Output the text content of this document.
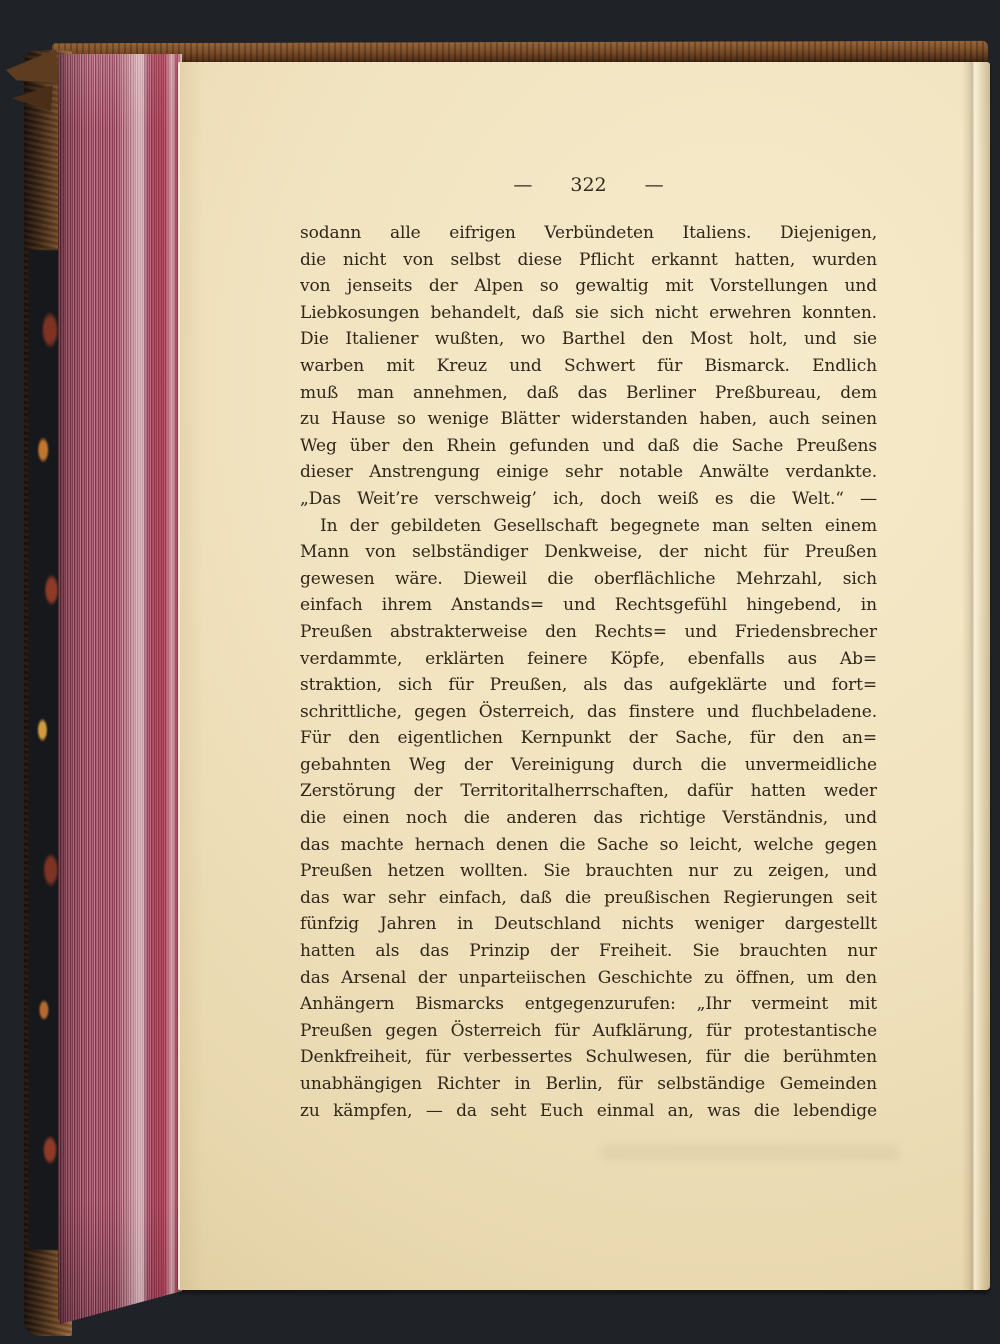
— 322 —
sodann alle eifrigen Verbündeten Italiens. Diejenigen,
die nicht von selbst diese Pflicht erkannt hatten, wurden
von jenseits der Alpen so gewaltig mit Vorstellungen und
Liebkosungen behandelt, daß sie sich nicht erwehren konnten.
Die Italiener wußten, wo Barthel den Most holt, und sie
warben mit Kreuz und Schwert für Bismarck. Endlich
muß man annehmen, daß das Berliner Preßbureau, dem
zu Hause so wenige Blätter widerstanden haben, auch seinen
Weg über den Rhein gefunden und daß die Sache Preußens
dieser Anstrengung einige sehr notable Anwälte verdankte.
„Das Weit’re verschweig’ ich, doch weiß es die Welt.“ —
In der gebildeten Gesellschaft begegnete man selten einem
Mann von selbständiger Denkweise, der nicht für Preußen
gewesen wäre. Dieweil die oberflächliche Mehrzahl, sich
einfach ihrem Anstands= und Rechtsgefühl hingebend, in
Preußen abstrakterweise den Rechts= und Friedensbrecher
verdammte, erklärten feinere Köpfe, ebenfalls aus Ab=
straktion, sich für Preußen, als das aufgeklärte und fort=
schrittliche, gegen Österreich, das finstere und fluchbeladene.
Für den eigentlichen Kernpunkt der Sache, für den an=
gebahnten Weg der Vereinigung durch die unvermeidliche
Zerstörung der Territoritalherrschaften, dafür hatten weder
die einen noch die anderen das richtige Verständnis, und
das machte hernach denen die Sache so leicht, welche gegen
Preußen hetzen wollten. Sie brauchten nur zu zeigen, und
das war sehr einfach, daß die preußischen Regierungen seit
fünfzig Jahren in Deutschland nichts weniger dargestellt
hatten als das Prinzip der Freiheit. Sie brauchten nur
das Arsenal der unparteiischen Geschichte zu öffnen, um den
Anhängern Bismarcks entgegenzurufen: „Ihr vermeint mit
Preußen gegen Österreich für Aufklärung, für protestantische
Denkfreiheit, für verbessertes Schulwesen, für die berühmten
unabhängigen Richter in Berlin, für selbständige Gemeinden
zu kämpfen, — da seht Euch einmal an, was die lebendige
